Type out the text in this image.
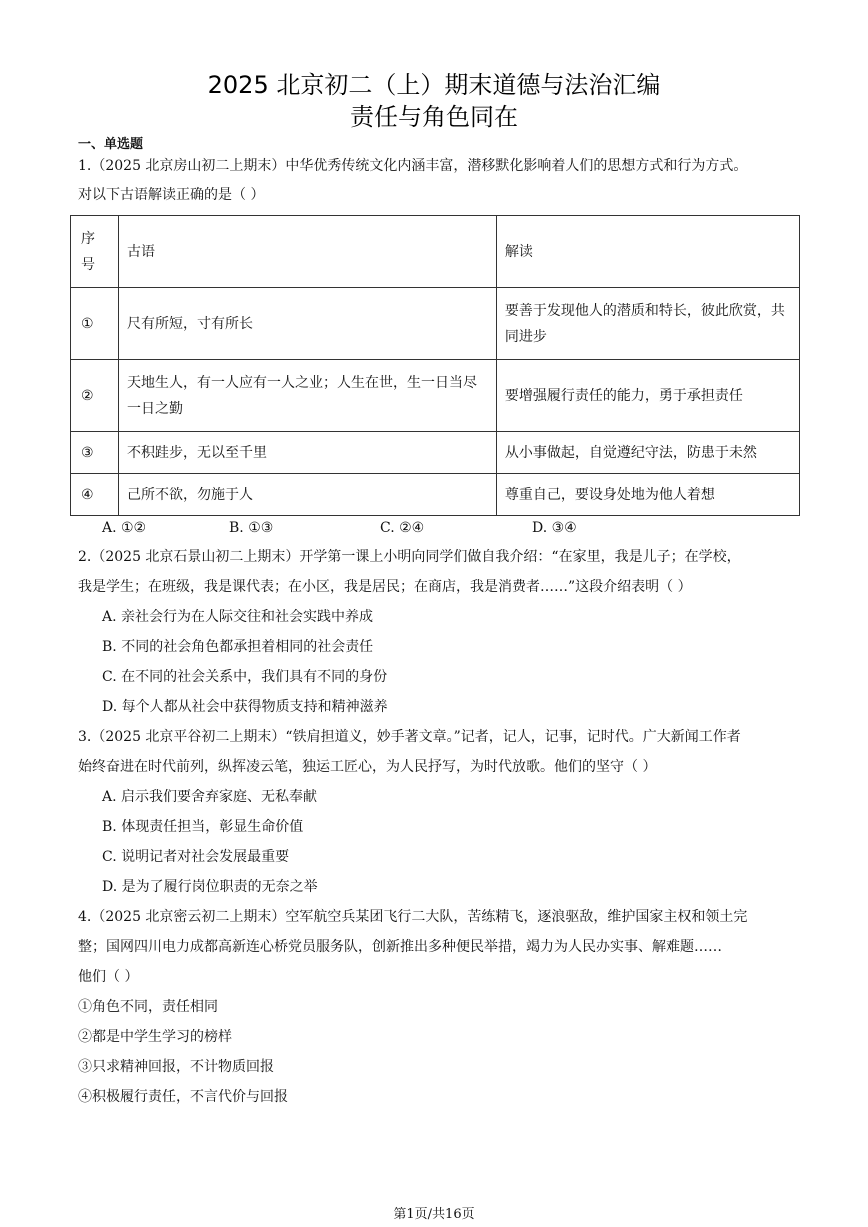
2025 北京初二（上）期末道德与法治汇编
责任与角色同在
一、单选题
1.（2025 北京房山初二上期末）中华优秀传统文化内涵丰富，潜移默化影响着人们的思想方式和行为方式。
对以下古语解读正确的是（ ）
序号	古语	解读
①	尺有所短，寸有所长	要善于发现他人的潜质和特长，彼此欣赏，共同进步
②	天地生人，有一人应有一人之业；人生在世，生一日当尽一日之勤	要增强履行责任的能力，勇于承担责任
③	不积跬步，无以至千里	从小事做起，自觉遵纪守法，防患于未然
④	己所不欲，勿施于人	尊重自己，要设身处地为他人着想
A. ①②	B. ①③	C. ②④	D. ③④
2.（2025 北京石景山初二上期末）开学第一课上小明向同学们做自我介绍：“在家里，我是儿子；在学校，
我是学生；在班级，我是课代表；在小区，我是居民；在商店，我是消费者……”这段介绍表明（ ）
A. 亲社会行为在人际交往和社会实践中养成
B. 不同的社会角色都承担着相同的社会责任
C. 在不同的社会关系中，我们具有不同的身份
D. 每个人都从社会中获得物质支持和精神滋养
3.（2025 北京平谷初二上期末）“铁肩担道义，妙手著文章。”记者，记人，记事，记时代。广大新闻工作者
始终奋进在时代前列，纵挥凌云笔，独运工匠心，为人民抒写，为时代放歌。他们的坚守（ ）
A. 启示我们要舍弃家庭、无私奉献
B. 体现责任担当，彰显生命价值
C. 说明记者对社会发展最重要
D. 是为了履行岗位职责的无奈之举
4.（2025 北京密云初二上期末）空军航空兵某团飞行二大队，苦练精飞，逐浪驱敌，维护国家主权和领土完
整；国网四川电力成都高新连心桥党员服务队，创新推出多种便民举措，竭力为人民办实事、解难题……
他们（ ）
①角色不同，责任相同
②都是中学生学习的榜样
③只求精神回报，不计物质回报
④积极履行责任，不言代价与回报
第1页/共16页
